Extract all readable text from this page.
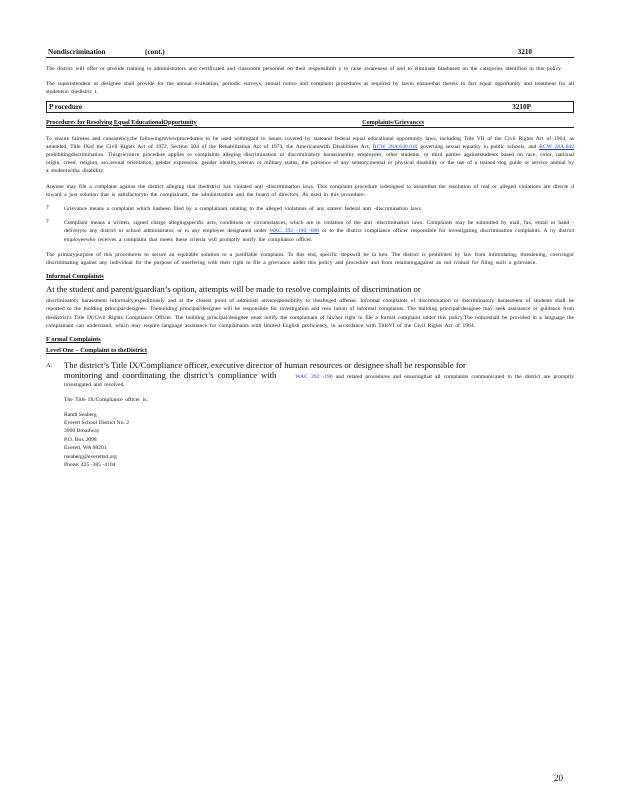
Nondiscrimination	(cont.)	3210

The district will offer or provide training to administrators and certificated and classroom personnel on their responsibilit y to raise awareness of and to eliminate biasbased on the categories identified in this policy.

The superintendent or designee shall provide for the annual evaluation, periodic surveys, annual notice and complaint procedures as required by lawto ensurethat thereis in fact equal opportunity and treatment for all studentsin thedistric t.

P rocedure	3210P
Procedures for Resolving Equal EducationalOpportunity	Complaints/Grievances

To ensure fairness and consistency,the followingreviewprocedureis to be used withregard to issues covered by stateand federal equal educational opportunity laws, including Title VII of the Civil Rights Act of 1964, as amended, Title IXof the Civil Rights Act of 1972, Section 504 of the Rehabilitation Act of 1973, the Americanswith Disabilities Act, RCW 28A.640.010 governing sexual equality in public schools, and RCW 28A.642 prohibitingdiscrimination. Thisgrievance procedure applies to complaints alleging discrimination or discriminatory harassmentby employees, other students, or third parties againststudents based on race, color, national origin, creed, religion, sex,sexual orientation, gender expression, gender identity,veteran or military status, the presence of any sensory,mental or physical disability or the use of a trained dog guide or service animal by a studentwitha disability.

Anyone may file a complaint against the district alleging that thedistrict has violated anti -discrimination laws. This complaint procedure isdesigned to assurethat the resolution of real or alleged violations are directe d toward a just solution that is satisfactoryto the complainant, the administration and the board of directors. As used in this procedure:

?	Grievance means a complaint which hasbeen filed by a complainant relating to the alleged violations of any stateor federal anti -discrimination laws.
?	Complaint means a written, signed charge allegingspecific acts, conditions or circumstances, which are in violation of the anti -discrimination laws. Complaints may be submitted by mail, fax, email or hand -deliveryto any district or school administrator, or to any employee designated under WAC 392 -190 -060 or to the district compliance officer responsible for investigating discrimination complaints. A ny district employeewho receives a complaint that meets these criteria will promptly notify the compliance officer.

The primarypurpose of this procedureis to secure an equitable solution to a justifiable complaint. To this end, specific stepswill be ta ken. The district is prohibited by law from intimidating, threatening, coercingor discriminating against any individual for the purpose of interfering with their right to file a grievance under this policy and procedure and from retaliatingagainst an ind ividual for filing such a grievance.

Informal Complaints

At the student and parent/guardian’s option, attempts will be made to resolve complaints of discrimination or

discriminatory harassment informally,expeditiously and at the closest point of administr ativeresponsibility to thealleged offense. Informal complaints of discrimination or discriminatory harassment of students shall be reported to the building principal/designee. Thebuilding principal/designee will be responsible for investigation and reso lution of informal complaints. The building principal/designee may seek assistance or guidance from thedistrict's Title IX/Civil Rights Compliance Officer. The building principal/designee must notify the complainant of his/her right to file a formal complaint under this policy.The noticeshall be provided in a language the complainant can understand, which may require language assistance for complainants with limited English proficiency, in accordance with TitleVI of the Civil Rights Act of 1964.

F ormal Complaints
Level One – Complaint to theDistrict
A.	The district’s Title IX/Compliance officer, executive director of human resources or designee shall be responsible for
monitoring and coordinating the district’s compliance with	WAC 392 -190 and related procedures and ensuringthat all complaints communicated to the district are promptly investigated and resolved.

The Title IX/Compliance officer is:

Randi Seaberg
Everett School District No. 2
3900 Broadway
P.O. Box 2098
Everett, WA 98201
rseaberg@everettsd.org
Phone: 425 -385 -4104
20
